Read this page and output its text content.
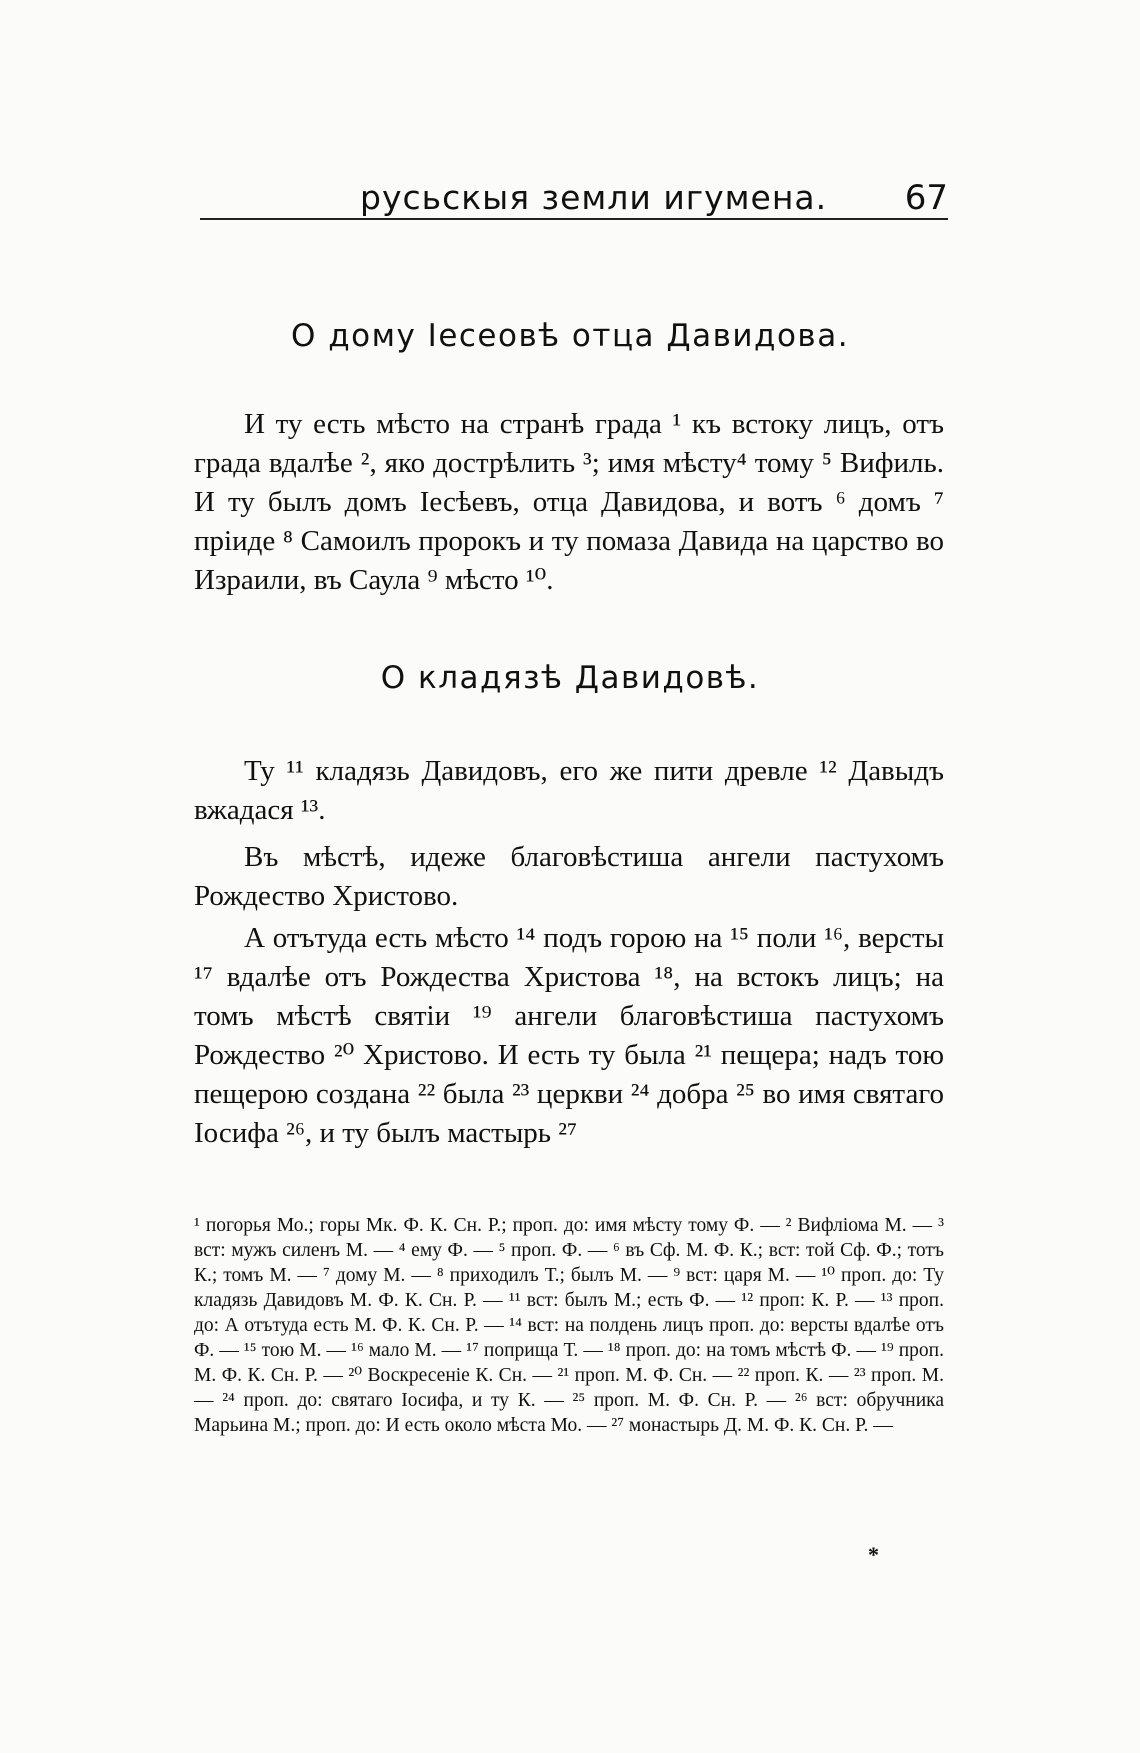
русьскыя земли игумена. 67
О дому Іесеовѣ отца Давидова.

И ту есть мѣсто на странѣ града ¹ къ встоку лицъ, отъ града вдалѣе ², яко дострѣлить ³; имя мѣсту⁴ тому ⁵ Вифиль. И ту былъ домъ Іесѣевъ, отца Давидова, и вотъ ⁶ домъ ⁷ пріиде ⁸ Самоилъ пророкъ и ту помаза Давида на царство во Израили, въ Саула ⁹ мѣсто ¹⁰.

О кладязѣ Давидовѣ.

Ту ¹¹ кладязь Давидовъ, его же пити древле ¹² Давыдъ вжадася ¹³.

Въ мѣстѣ, идеже благовѣстиша ангели пастухомъ Рождество Христово.

А отътуда есть мѣсто ¹⁴ подъ горою на ¹⁵ поли ¹⁶, версты ¹⁷ вдалѣе отъ Рождества Христова ¹⁸, на встокъ лицъ; на томъ мѣстѣ святіи ¹⁹ ангели благовѣстиша пастухомъ Рождество ²⁰ Христово. И есть ту была ²¹ пещера; надъ тою пещерою создана ²² была ²³ церкви ²⁴ добра ²⁵ во имя святаго Іосифа ²⁶, и ту былъ мастырь ²⁷

¹ погорья Мо.; горы Мк. Ф. К. Сн. Р.; проп. до: имя мѣсту тому Ф. — ² Вифліома М. — ³ вст: мужъ силенъ М. — ⁴ ему Ф. — ⁵ проп. Ф. — ⁶ въ Сф. М. Ф. К.; вст: той Сф. Ф.; тотъ К.; томъ М. — ⁷ дому М. — ⁸ приходилъ Т.; былъ М. — ⁹ вст: царя М. — ¹⁰ проп. до: Ту кладязь Давидовъ М. Ф. К. Сн. Р. — ¹¹ вст: былъ М.; есть Ф. — ¹² проп: К. Р. — ¹³ проп. до: А отътуда есть М. Ф. К. Сн. Р. — ¹⁴ вст: на полдень лицъ проп. до: версты вдалѣе отъ Ф. — ¹⁵ тою М. — ¹⁶ мало М. — ¹⁷ поприща Т. — ¹⁸ проп. до: на томъ мѣстѣ Ф. — ¹⁹ проп. М. Ф. К. Сн. Р. — ²⁰ Воскресеніе К. Сн. — ²¹ проп. М. Ф. Сн. — ²² проп. К. — ²³ проп. М. — ²⁴ проп. до: святаго Іосифа, и ту К. — ²⁵ проп. М. Ф. Сн. Р. — ²⁶ вст: обручника Марьина М.; проп. до: И есть около мѣста Мо. — ²⁷ монастырь Д. М. Ф. К. Сн. Р. —
*
